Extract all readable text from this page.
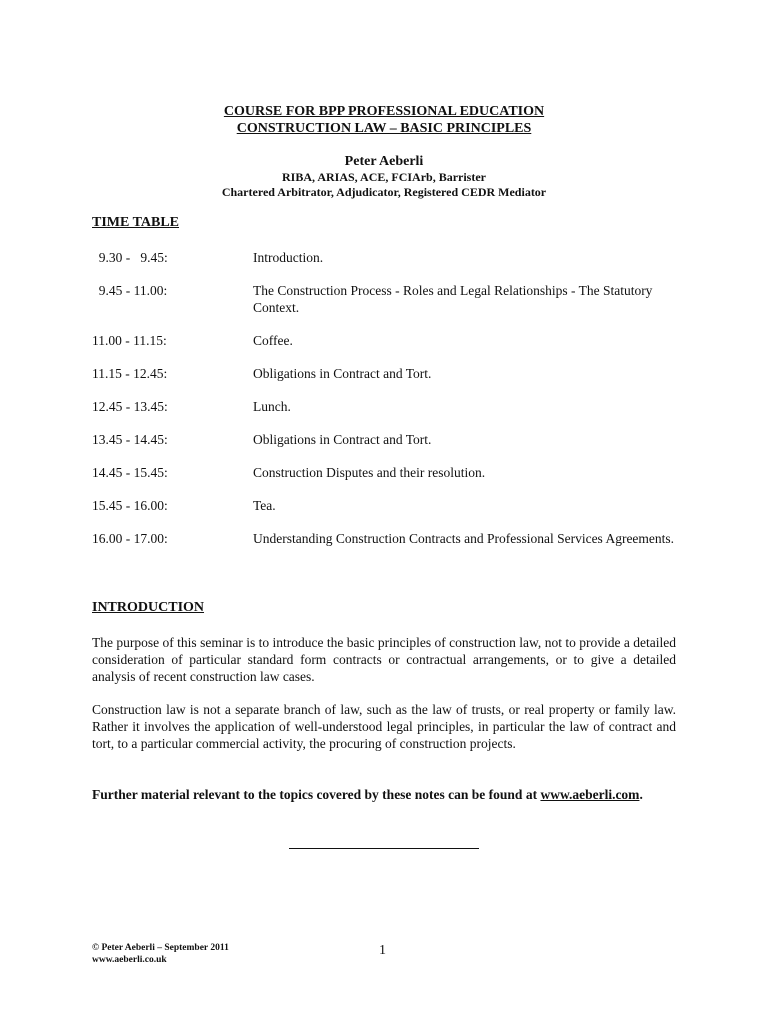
COURSE FOR BPP PROFESSIONAL EDUCATION
CONSTRUCTION LAW – BASIC PRINCIPLES
Peter Aeberli
RIBA, ARIAS, ACE, FCIArb, Barrister
Chartered Arbitrator, Adjudicator, Registered CEDR Mediator
TIME TABLE
9.30 -   9.45:	Introduction.
9.45 - 11.00:	The Construction Process - Roles and Legal Relationships - The Statutory Context.
11.00 - 11.15:	Coffee.
11.15 - 12.45:	Obligations in Contract and Tort.
12.45 - 13.45:	Lunch.
13.45 - 14.45:	Obligations in Contract and Tort.
14.45 - 15.45:	Construction Disputes and their resolution.
15.45 - 16.00:	Tea.
16.00 - 17.00:	Understanding Construction Contracts and Professional Services Agreements.
INTRODUCTION
The purpose of this seminar is to introduce the basic principles of construction law, not to provide a detailed consideration of particular standard form contracts or contractual arrangements, or to give a detailed analysis of recent construction law cases.
Construction law is not a separate branch of law, such as the law of trusts, or real property or family law. Rather it involves the application of well-understood legal principles, in particular the law of contract and tort, to a particular commercial activity, the procuring of construction projects.
Further material relevant to the topics covered by these notes can be found at www.aeberli.com.
© Peter Aeberli – September 2011
www.aeberli.co.uk
1
